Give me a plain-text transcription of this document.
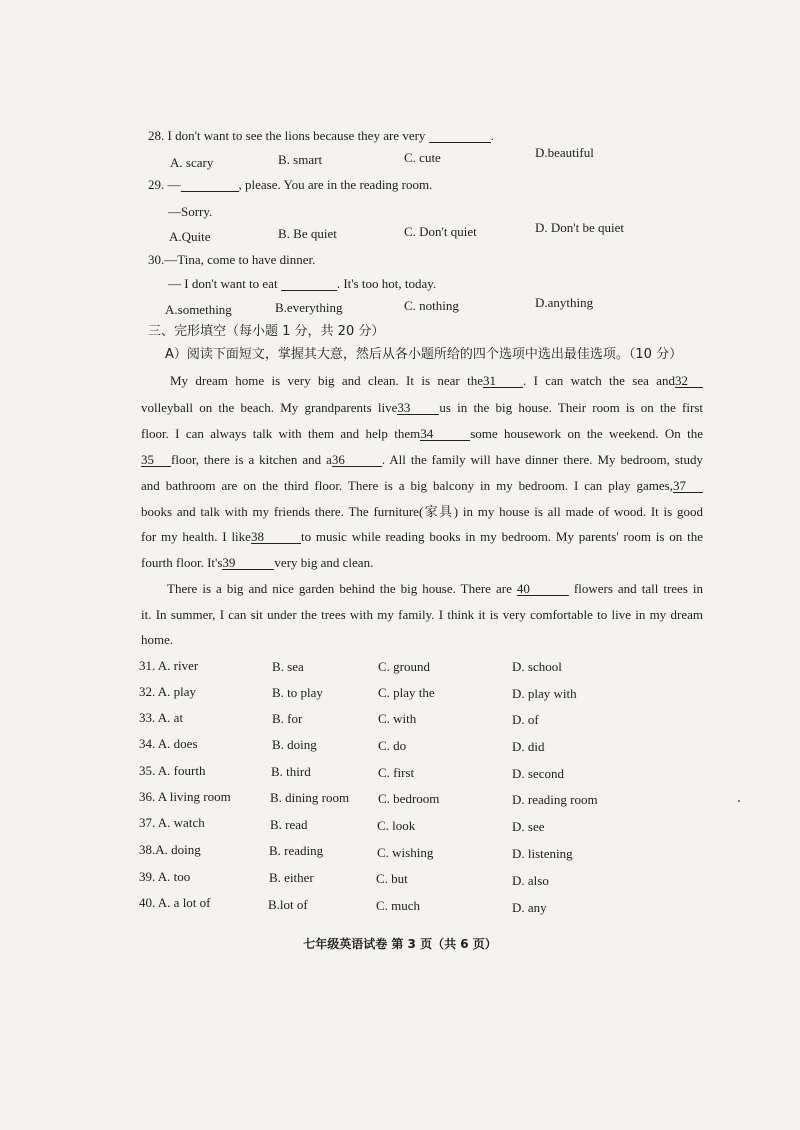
28. I don't want to see the lions because they are very	.
A. scary	B. smart	C. cute	D.beautiful
29. —	, please. You are in the reading room.
—Sorry.
A.Quite	B. Be quiet	C. Don't quiet	D. Don't be quiet
30.—Tina, come to have dinner.
— I don't want to eat	. It's too hot, today.
A.something	B.everything	C. nothing	D.anything
三、完形填空（每小题 1 分，共 20 分）
A）阅读下面短文，掌握其大意，然后从各小题所给的四个选项中选出最佳选项。（10 分）
My dream home is very big and clean. It is near the31 . I can watch the sea and32
volleyball on the beach. My grandparents live33 us in the big house. Their room is on the first
floor. I can always talk with them and help them34	some housework on the weekend. On the
35 floor, there is a kitchen and a36	. All the family will have dinner there. My bedroom, study
and bathroom are on the third floor. There is a big balcony in my bedroom. I can play games,37
books and talk with my friends there. The furniture(家具) in my house is all made of wood. It is good
for my health. I like38	to music while reading books in my bedroom. My parents' room is on the
fourth floor. It's39	very big and clean.
There is a big and nice garden behind the big house. There are 40	flowers and tall trees in
it. In summer, I can sit under the trees with my family. I think it is very comfortable to live in my dream
home.
31. A. river	B. sea	C. ground	D. school
32. A. play	B. to play	C. play the	D. play with
33. A. at	B. for	C. with	D. of
34. A. does	B. doing	C. do	D. did
35. A. fourth	B. third	C. first	D. second
36. A living room	B. dining room C. bedroom	D. reading room
37. A. watch	B. read	C. look	D. see
38.A. doing	B. reading	C. wishing	D. listening
39. A. too	B. either	C. but	D. also
40. A. a lot of	B.lot of	C. much	D. any
七年级英语试卷 第 3 页（共 6 页）
